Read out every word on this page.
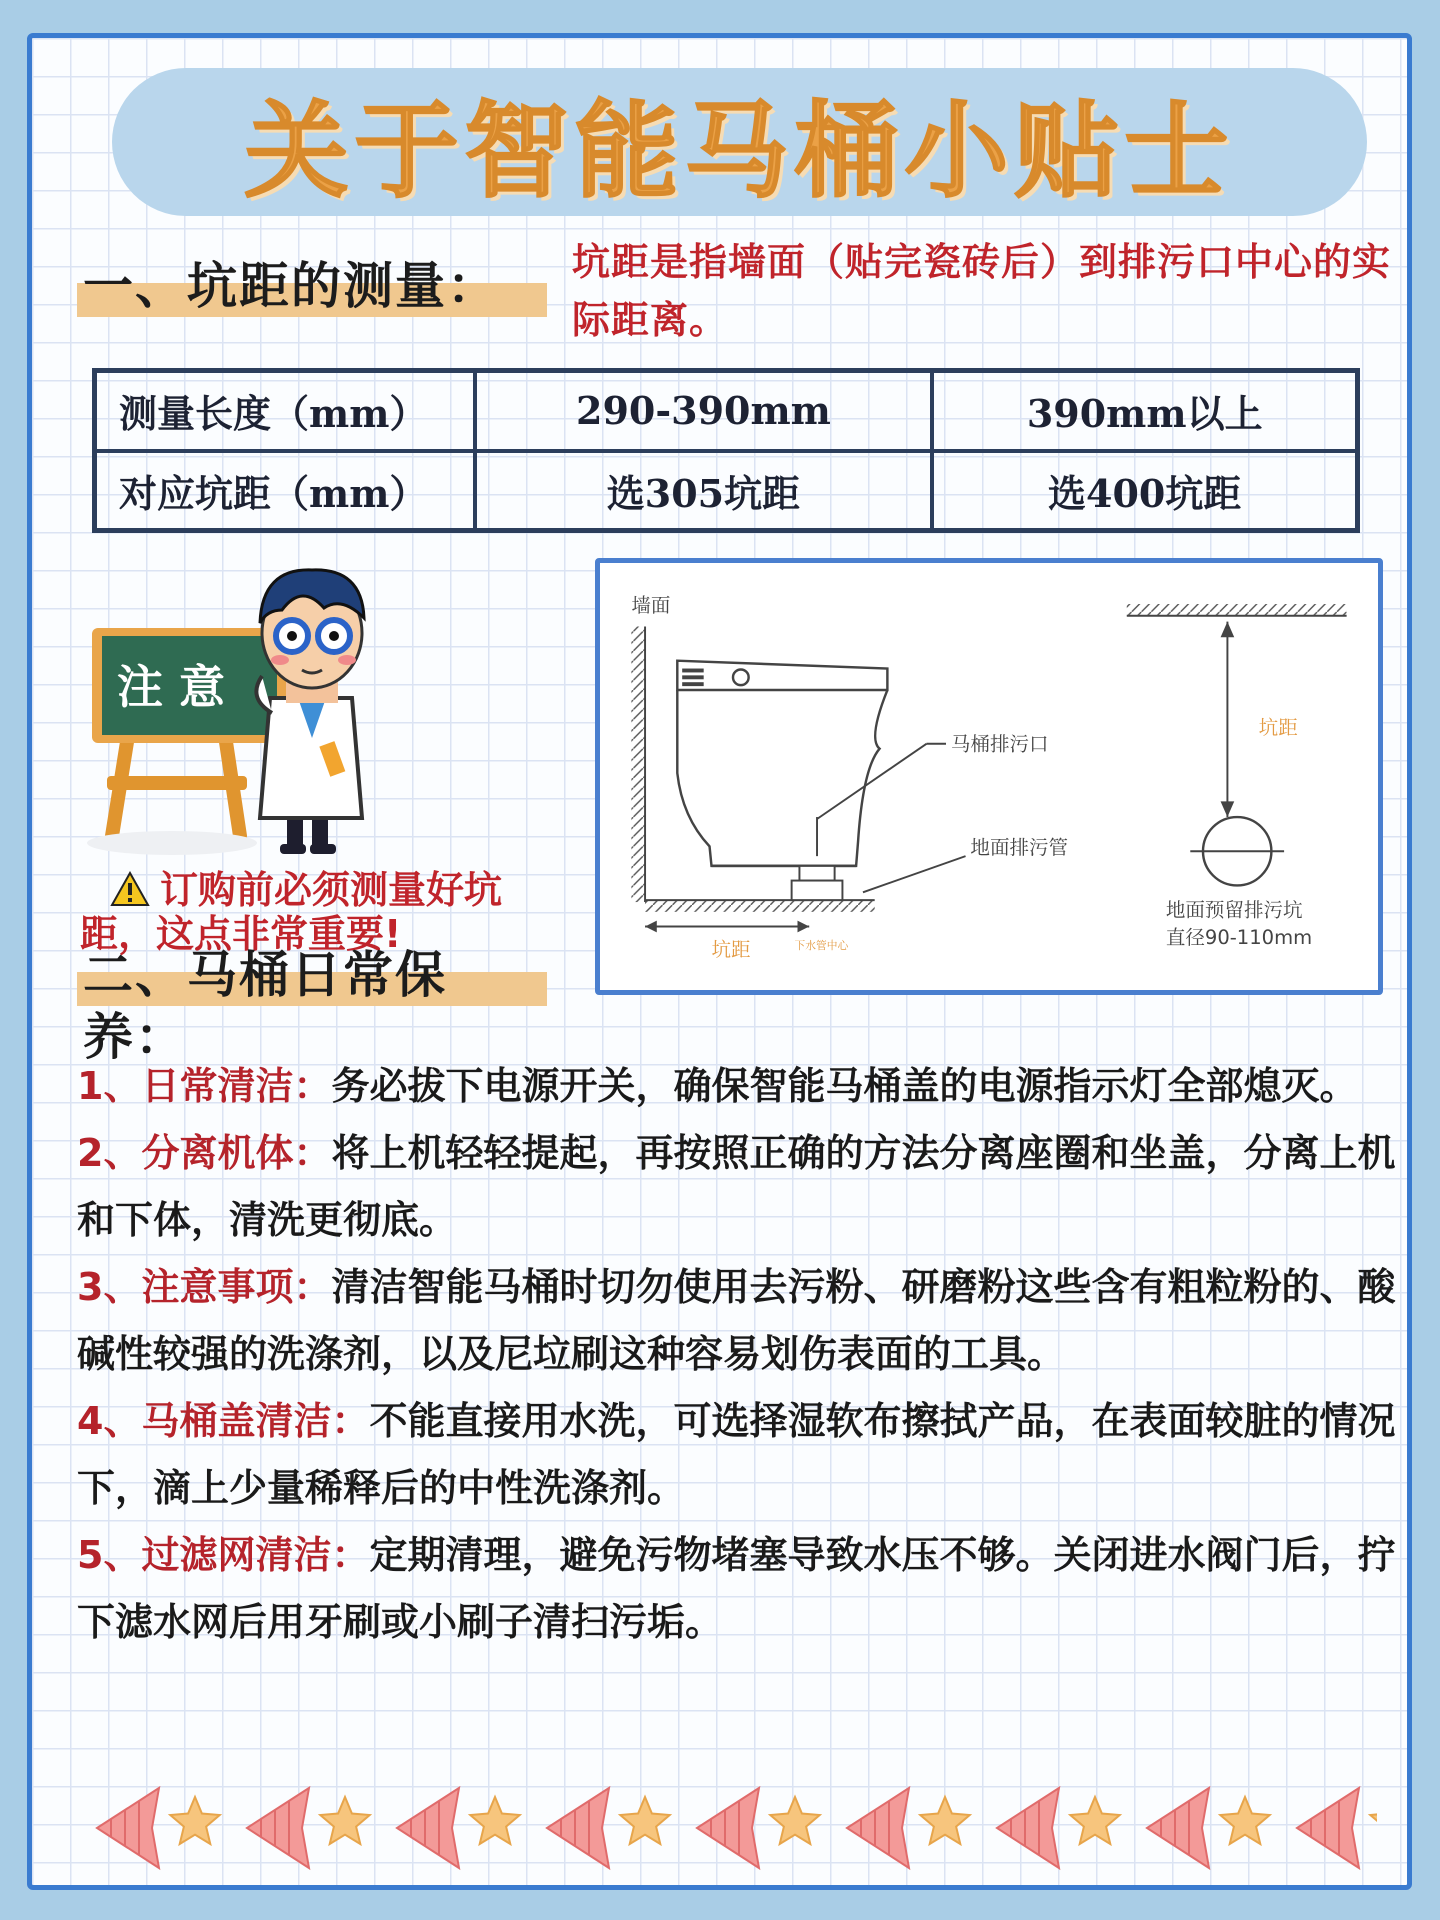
关于智能马桶小贴士
一、坑距的测量：	坑距是指墙面（贴完瓷砖后）到排污口中心的实际距离。
测量长度（mm）	290-390mm	390mm以上
对应坑距（mm）	选305坑距	选400坑距
注 意
订购前必须测量好坑距，这点非常重要!
墙面
马桶排污口
地面排污管
坑距	下水管中心
坑距
地面预留排污坑
直径90-110mm
二、马桶日常保养：

1、日常清洁：务必拔下电源开关，确保智能马桶盖的电源指示灯全部熄灭。

2、分离机体：将上机轻轻提起，再按照正确的方法分离座圈和坐盖，分离上机和下体，清洗更彻底。

3、注意事项：清洁智能马桶时切勿使用去污粉、研磨粉这些含有粗粒粉的、酸碱性较强的洗涤剂，以及尼垃刷这种容易划伤表面的工具。

4、马桶盖清洁：不能直接用水洗，可选择湿软布擦拭产品，在表面较脏的情况下，滴上少量稀释后的中性洗涤剂。

5、过滤网清洁：定期清理，避免污物堵塞导致水压不够。关闭进水阀门后，拧下滤水网后用牙刷或小刷子清扫污垢。
